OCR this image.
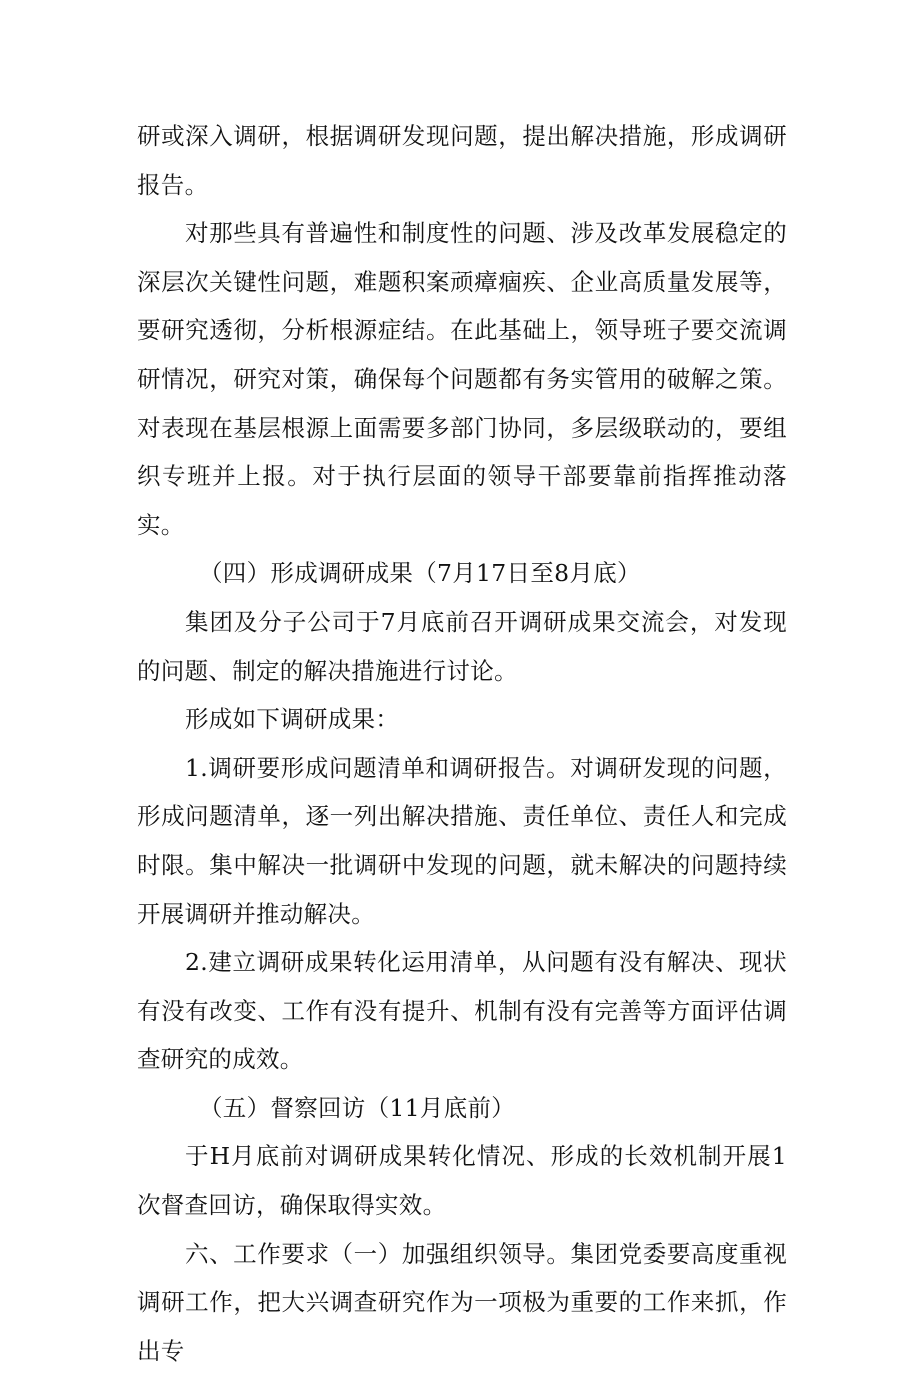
研或深入调研，根据调研发现问题，提出解决措施，形成调研报告。

对那些具有普遍性和制度性的问题、涉及改革发展稳定的深层次关键性问题，难题积案顽瘴痼疾、企业高质量发展等，要研究透彻，分析根源症结。在此基础上，领导班子要交流调研情况，研究对策，确保每个问题都有务实管用的破解之策。对表现在基层根源上面需要多部门协同，多层级联动的，要组织专班并上报。对于执行层面的领导干部要靠前指挥推动落实。

（四）形成调研成果（7月17日至8月底）

集团及分子公司于7月底前召开调研成果交流会，对发现的问题、制定的解决措施进行讨论。

形成如下调研成果：

1.调研要形成问题清单和调研报告。对调研发现的问题，形成问题清单，逐一列出解决措施、责任单位、责任人和完成时限。集中解决一批调研中发现的问题，就未解决的问题持续开展调研并推动解决。

2.建立调研成果转化运用清单，从问题有没有解决、现状有没有改变、工作有没有提升、机制有没有完善等方面评估调查研究的成效。

（五）督察回访（11月底前）

于H月底前对调研成果转化情况、形成的长效机制开展1次督查回访，确保取得实效。

六、工作要求（一）加强组织领导。集团党委要高度重视调研工作，把大兴调查研究作为一项极为重要的工作来抓，作出专
